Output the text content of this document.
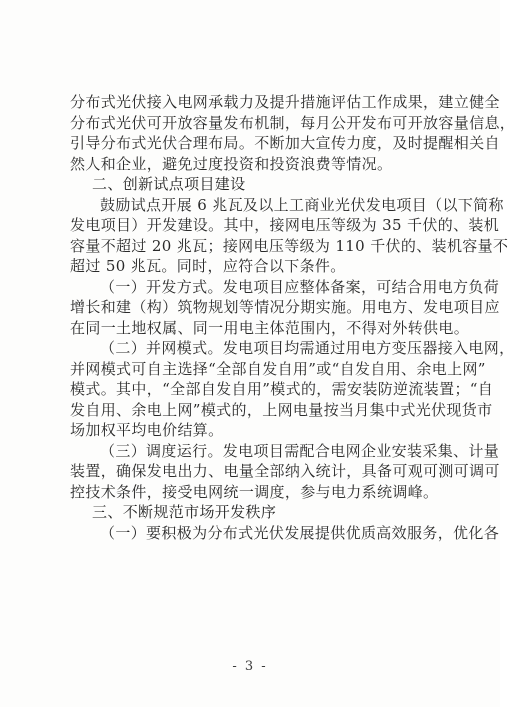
分布式光伏接入电网承载力及提升措施评估工作成果，建立健全
分布式光伏可开放容量发布机制，每月公开发布可开放容量信息，
引导分布式光伏合理布局。不断加大宣传力度，及时提醒相关自
然人和企业，避免过度投资和投资浪费等情况。
二、创新试点项目建设
鼓励试点开展 6 兆瓦及以上工商业光伏发电项目（以下简称
发电项目）开发建设。其中，接网电压等级为 35 千伏的、装机
容量不超过 20 兆瓦；接网电压等级为 110 千伏的、装机容量不
超过 50 兆瓦。同时，应符合以下条件。
（一）开发方式。发电项目应整体备案，可结合用电方负荷
增长和建（构）筑物规划等情况分期实施。用电方、发电项目应
在同一土地权属、同一用电主体范围内，不得对外转供电。
（二）并网模式。发电项目均需通过用电方变压器接入电网，
并网模式可自主选择“全部自发自用”或“自发自用、余电上网”
模式。其中，“全部自发自用”模式的，需安装防逆流装置；“自
发自用、余电上网”模式的，上网电量按当月集中式光伏现货市
场加权平均电价结算。
（三）调度运行。发电项目需配合电网企业安装采集、计量
装置，确保发电出力、电量全部纳入统计，具备可观可测可调可
控技术条件，接受电网统一调度，参与电力系统调峰。
三、不断规范市场开发秩序
（一）要积极为分布式光伏发展提供优质高效服务，优化各
- 3 -
